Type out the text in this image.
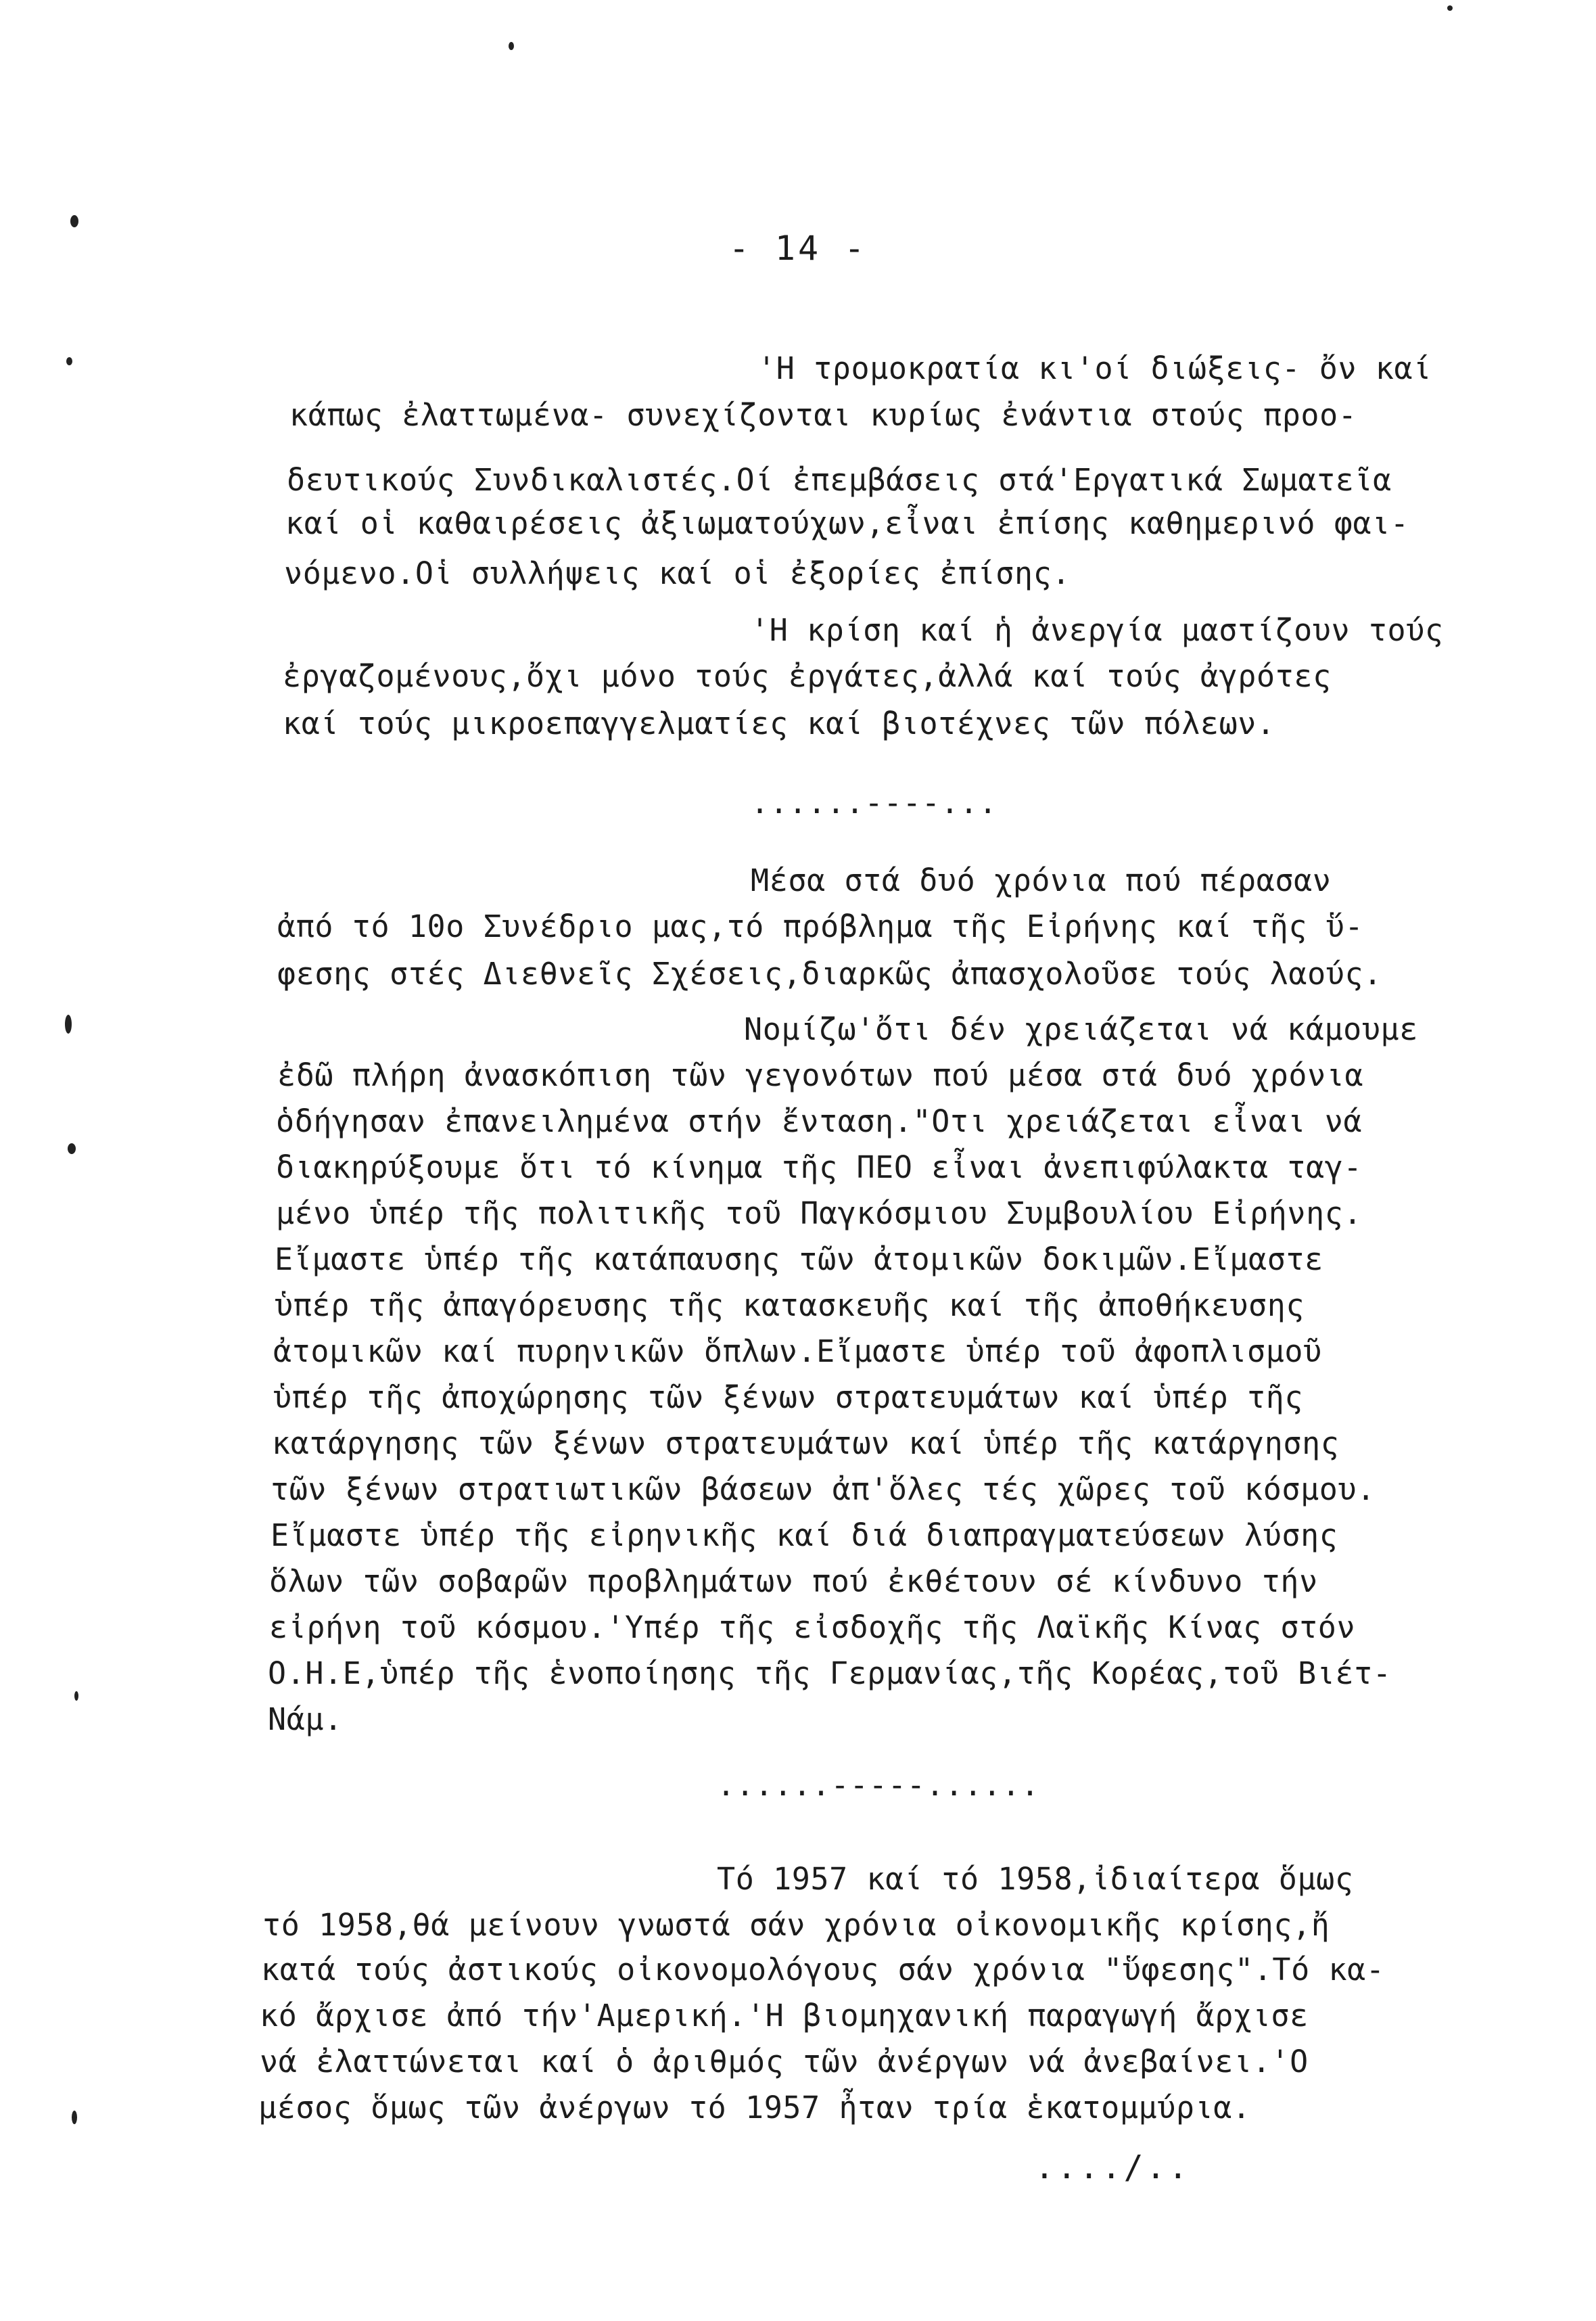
- 14 -
'Η τρομοκρατία κι'οί διώξεις- ὄν καί
κάπως ἐλαττωμένα- συνεχίζονται κυρίως ἐνάντια στούς προο-
δευτικούς Συνδικαλιστές.Οί ἐπεμβάσεις στά'Εργατικά Σωματεῖα
καί οἱ καθαιρέσεις ἀξιωματούχων,εἶναι ἐπίσης καθημερινό φαι-
νόμενο.Οἱ συλλήψεις καί οἱ ἐξορίες ἐπίσης.
'Η κρίση καί ἡ ἀνεργία μαστίζουν τούς
ἐργαζομένους,ὄχι μόνο τούς ἐργάτες,ἀλλά καί τούς ἀγρότες
καί τούς μικροεπαγγελματίες καί βιοτέχνες τῶν πόλεων.
......----...
Μέσα στά δυό χρόνια πού πέρασαν
ἀπό τό 10ο Συνέδριο μας,τό πρόβλημα τῆς Εἰρήνης καί τῆς ὕ-
φεσης στές Διεθνεῖς Σχέσεις,διαρκῶς ἀπασχολοῦσε τούς λαούς.
Νομίζω'ὄτι δέν χρειάζεται νά κάμουμε
ἐδῶ πλήρη ἀνασκόπιση τῶν γεγονότων πού μέσα στά δυό χρόνια
ὁδήγησαν ἐπανειλημένα στήν ἔνταση."Οτι χρειάζεται εἶναι νά
διακηρύξουμε ὅτι τό κίνημα τῆς ΠΕΟ εἶναι ἀνεπιφύλακτα ταγ-
μένο ὑπέρ τῆς πολιτικῆς τοῦ Παγκόσμιου Συμβουλίου Εἰρήνης.
Εἴμαστε ὑπέρ τῆς κατάπαυσης τῶν ἀτομικῶν δοκιμῶν.Εἴμαστε
ὑπέρ τῆς ἀπαγόρευσης τῆς κατασκευῆς καί τῆς ἀποθήκευσης
ἀτομικῶν καί πυρηνικῶν ὅπλων.Εἴμαστε ὑπέρ τοῦ ἀφοπλισμοῦ
ὑπέρ τῆς ἀποχώρησης τῶν ξένων στρατευμάτων καί ὑπέρ τῆς
κατάργησης τῶν ξένων στρατευμάτων καί ὑπέρ τῆς κατάργησης
τῶν ξένων στρατιωτικῶν βάσεων ἀπ'ὅλες τές χῶρες τοῦ κόσμου.
Εἴμαστε ὑπέρ τῆς εἰρηνικῆς καί διά διαπραγματεύσεων λύσης
ὅλων τῶν σοβαρῶν προβλημάτων πού ἐκθέτουν σέ κίνδυνο τήν
εἰρήνη τοῦ κόσμου.'Υπέρ τῆς εἰσδοχῆς τῆς Λαϊκῆς Κίνας στόν
Ο.Η.Ε,ὑπέρ τῆς ἑνοποίησης τῆς Γερμανίας,τῆς Κορέας,τοῦ Βιέτ-
Νάμ.
......-----......
Τό 1957 καί τό 1958,ἰδιαίτερα ὅμως
τό 1958,θά μείνουν γνωστά σάν χρόνια οἰκονομικῆς κρίσης,ἤ
κατά τούς ἀστικούς οἰκονομολόγους σάν χρόνια "ὕφεσης".Τό κα-
κό ἄρχισε ἀπό τήν'Αμερική.'Η βιομηχανική παραγωγή ἄρχισε
νά ἐλαττώνεται καί ὁ ἀριθμός τῶν ἀνέργων νά ἀνεβαίνει.'Ο
μέσος ὅμως τῶν ἀνέργων τό 1957 ἦταν τρία ἑκατομμύρια.
..../..
